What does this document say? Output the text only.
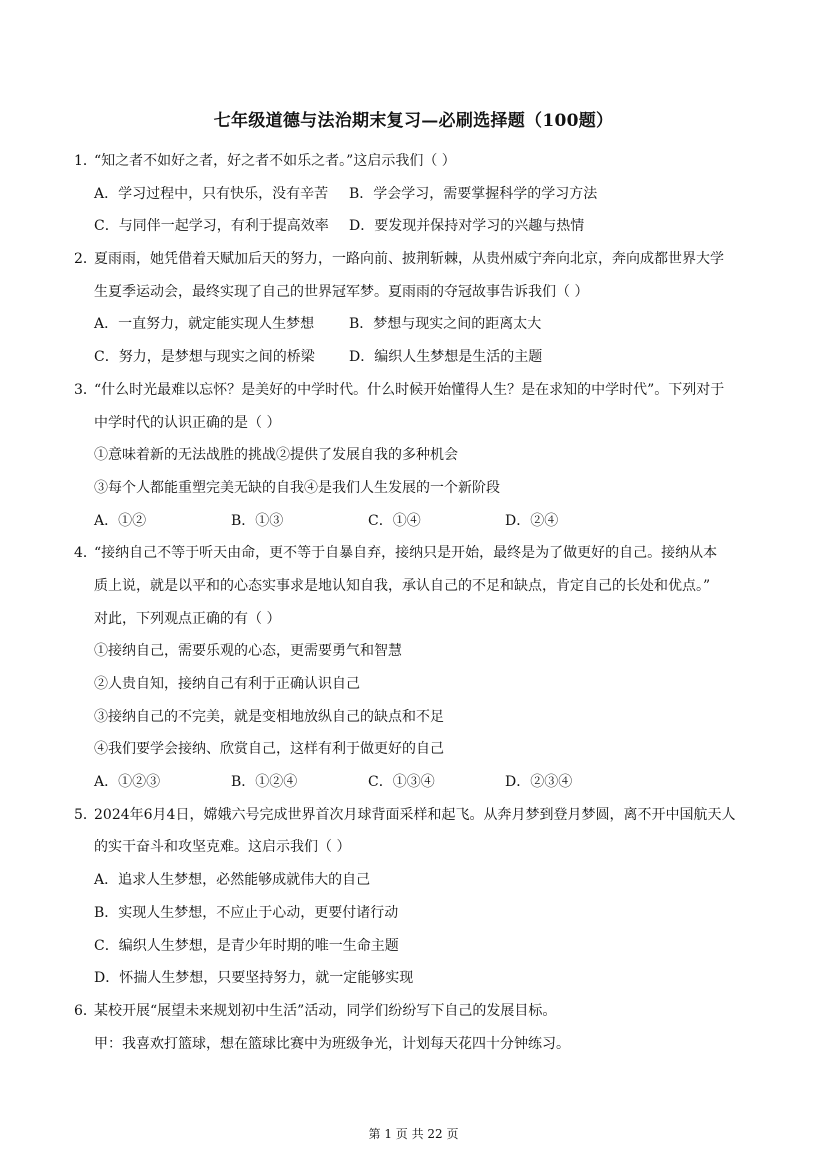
七年级道德与法治期末复习—必刷选择题（100题）
1．
“知之者不如好之者，好之者不如乐之者。”这启示我们（ ）
A．学习过程中，只有快乐，没有辛苦	B．学会学习，需要掌握科学的学习方法
C．与同伴一起学习，有利于提高效率	D．要发现并保持对学习的兴趣与热情
2．
夏雨雨，她凭借着天赋加后天的努力，一路向前、披荆斩棘，从贵州威宁奔向北京，奔向成都世界大学
生夏季运动会，最终实现了自己的世界冠军梦。夏雨雨的夺冠故事告诉我们（ ）
A．一直努力，就定能实现人生梦想	B．梦想与现实之间的距离太大
C．努力，是梦想与现实之间的桥梁	D．编织人生梦想是生活的主题
3．
“什么时光最难以忘怀？是美好的中学时代。什么时候开始懂得人生？是在求知的中学时代”。下列对于
中学时代的认识正确的是（ ）
①意味着新的无法战胜的挑战②提供了发展自我的多种机会
③每个人都能重塑完美无缺的自我④是我们人生发展的一个新阶段
A．①②	B．①③	C．①④	D．②④
4．
“接纳自己不等于听天由命，更不等于自暴自弃，接纳只是开始，最终是为了做更好的自己。接纳从本
质上说，就是以平和的心态实事求是地认知自我，承认自己的不足和缺点，肯定自己的长处和优点。”
对此，下列观点正确的有（ ）
①接纳自己，需要乐观的心态，更需要勇气和智慧
②人贵自知，接纳自己有利于正确认识自己
③接纳自己的不完美，就是变相地放纵自己的缺点和不足
④我们要学会接纳、欣赏自己，这样有利于做更好的自己
A．①②③	B．①②④	C．①③④	D．②③④
5．
2024年6月4日，嫦娥六号完成世界首次月球背面采样和起飞。从奔月梦到登月梦圆，离不开中国航天人
的实干奋斗和攻坚克难。这启示我们（ ）
A．追求人生梦想，必然能够成就伟大的自己
B．实现人生梦想，不应止于心动，更要付诸行动
C．编织人生梦想，是青少年时期的唯一生命主题
D．怀揣人生梦想，只要坚持努力，就一定能够实现
6．
某校开展“展望未来规划初中生活”活动，同学们纷纷写下自己的发展目标。
甲：我喜欢打篮球，想在篮球比赛中为班级争光，计划每天花四十分钟练习。
第 1 页 共 22 页
